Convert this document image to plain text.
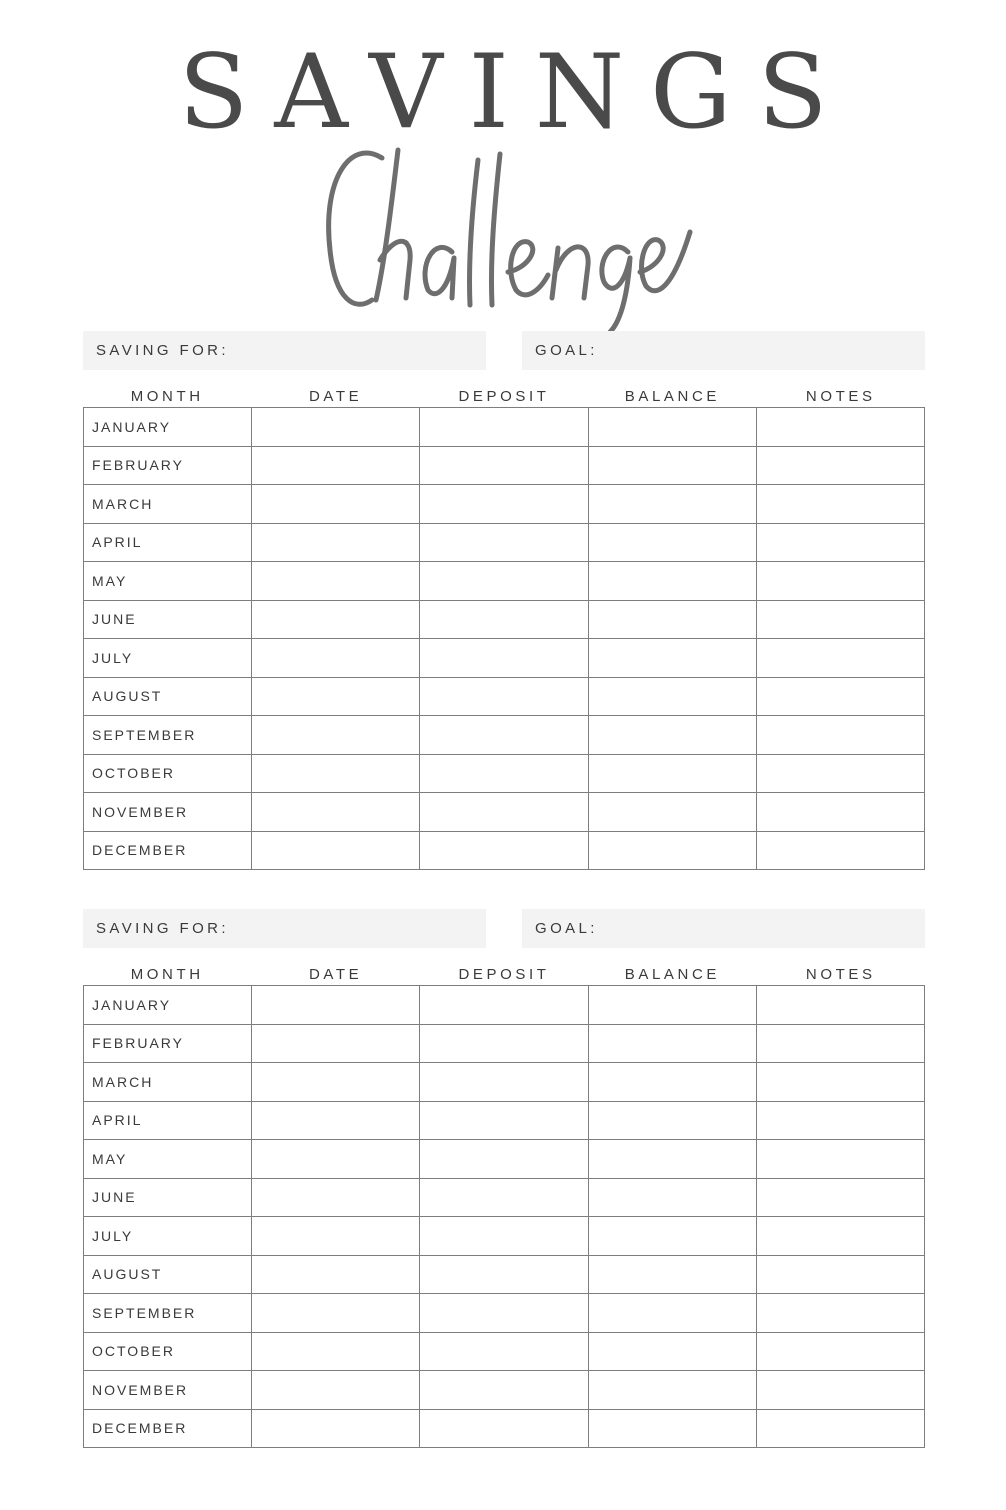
SAVINGS
SAVING FOR:	GOAL:
MONTH	DATE	DEPOSIT	BALANCE	NOTES
JANUARY				
FEBRUARY				
MARCH				
APRIL				
MAY				
JUNE				
JULY				
AUGUST				
SEPTEMBER				
OCTOBER				
NOVEMBER				
DECEMBER				
SAVING FOR:	GOAL:
MONTH	DATE	DEPOSIT	BALANCE	NOTES
JANUARY				
FEBRUARY				
MARCH				
APRIL				
MAY				
JUNE				
JULY				
AUGUST				
SEPTEMBER				
OCTOBER				
NOVEMBER				
DECEMBER				
